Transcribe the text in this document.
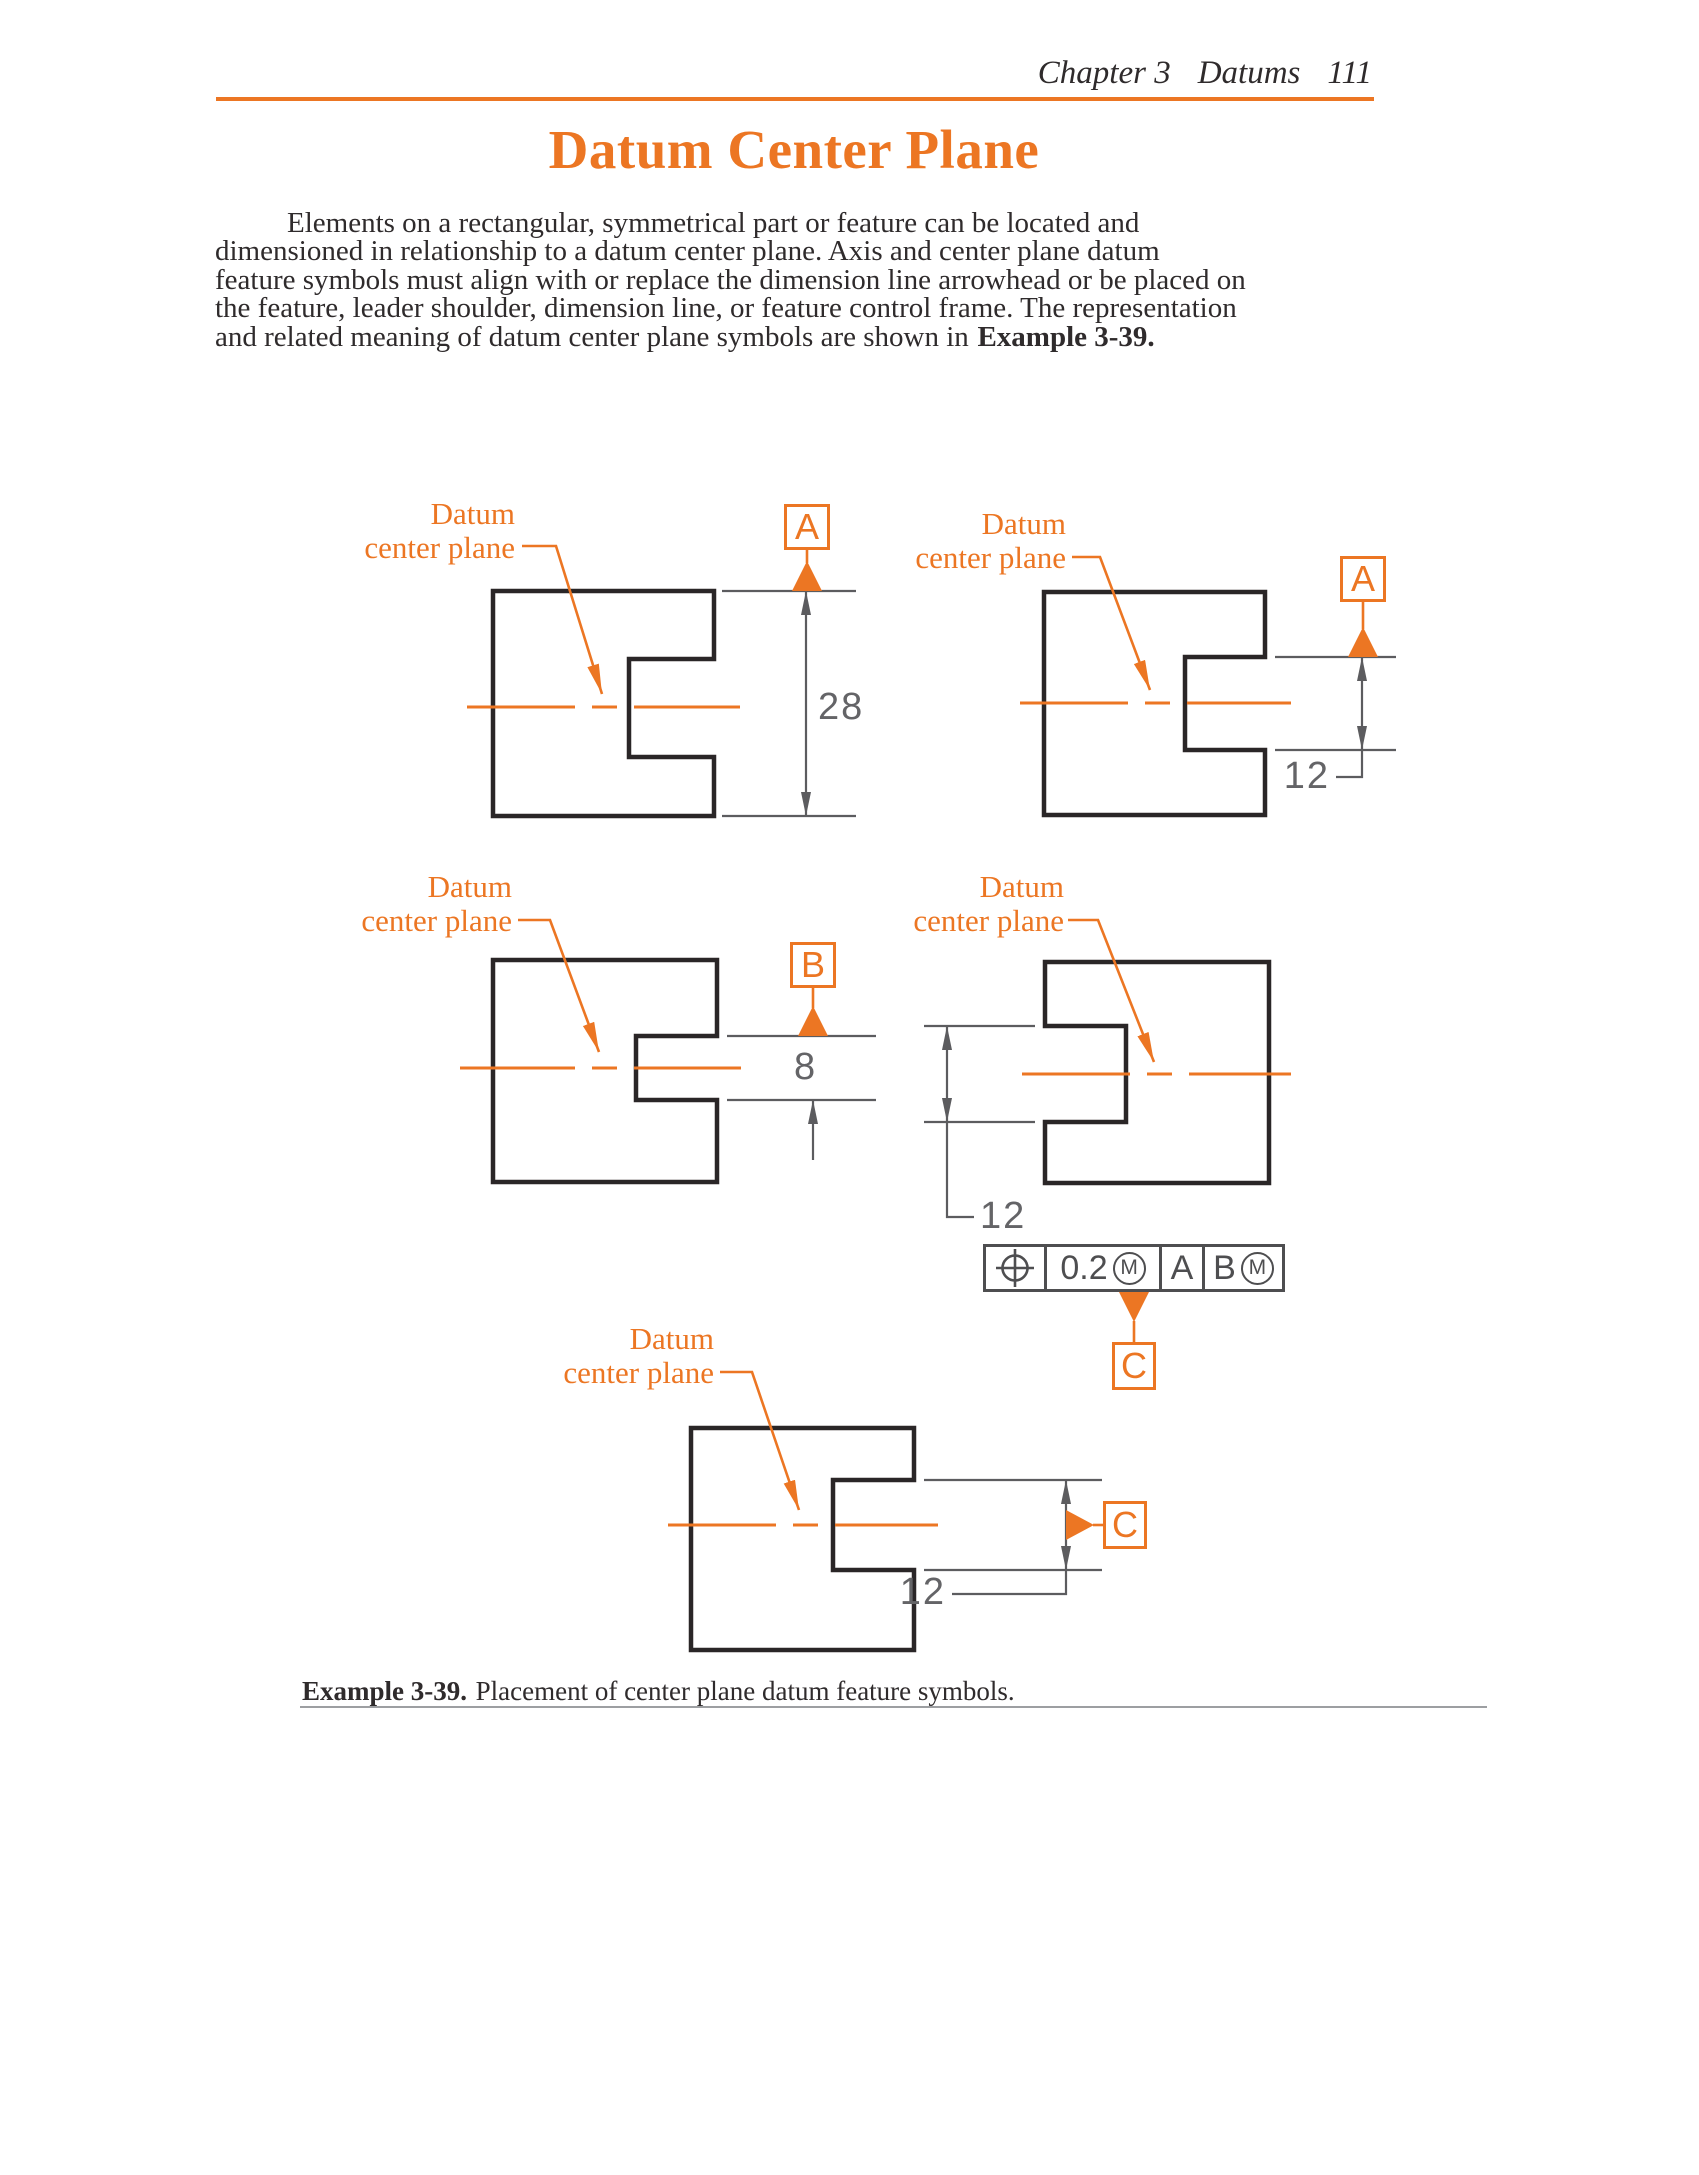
Chapter 3 Datums 111
Datum Center Plane
Elements on a rectangular, symmetrical part or feature can be located and
dimensioned in relationship to a datum center plane. Axis and center plane datum
feature symbols must align with or replace the dimension line arrowhead or be placed on
the feature, leader shoulder, dimension line, or feature control frame. The representation
and related meaning of datum center plane symbols are shown in Example 3-39.
Datum
center plane
Datum
center plane
Datum
center plane
Datum
center plane
Datum
center plane
28
12
8
12
12
A
A
B
C
C
0.2 M A B M
Example 3-39. Placement of center plane datum feature symbols.
